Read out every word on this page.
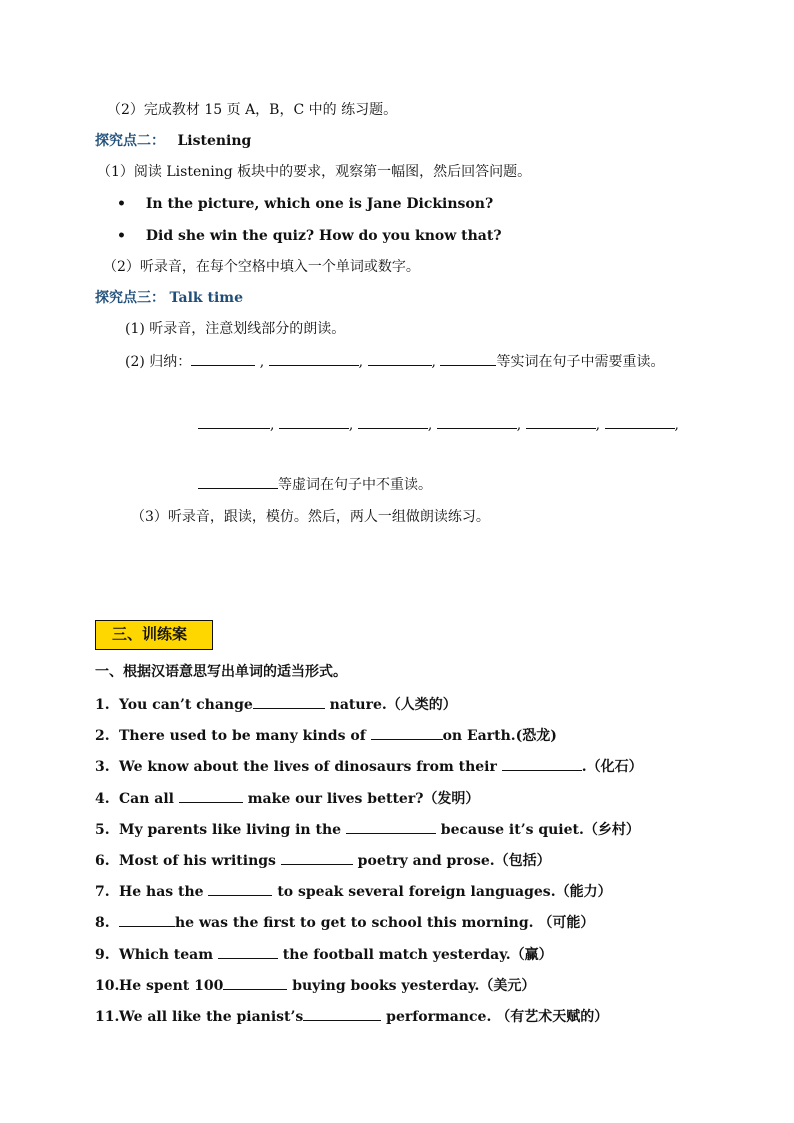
（2）完成教材 15 页 A，B，C 中的 练习题。
探究点二： Listening
（1）阅读 Listening 板块中的要求，观察第一幅图，然后回答问题。
• In the picture, which one is Jane Dickinson?
• Did she win the quiz? How do you know that?
（2）听录音，在每个空格中填入一个单词或数字。
探究点三： Talk time
(1) 听录音，注意划线部分的朗读。
(2) 归纳：	,	,	,	等实词在句子中需要重读。
,	,	,	,	,	,
等虚词在句子中不重读。
（3）听录音，跟读，模仿。然后，两人一组做朗读练习。
三、训练案
一、根据汉语意思写出单词的适当形式。
1. You can’t change	nature.（人类的）
2. There used to be many kinds of	on Earth.(恐龙)
3. We know about the lives of dinosaurs from their	.（化石）
4. Can all	make our lives better?（发明）
5. My parents like living in the	because it’s quiet.（乡村）
6. Most of his writings	poetry and prose.（包括）
7. He has the	to speak several foreign languages.（能力）
8.	he was the first to get to school this morning. （可能）
9. Which team	the football match yesterday.（赢）
10.He spent 100	buying books yesterday.（美元）
11.We all like the pianist’s	performance. （有艺术天赋的）
